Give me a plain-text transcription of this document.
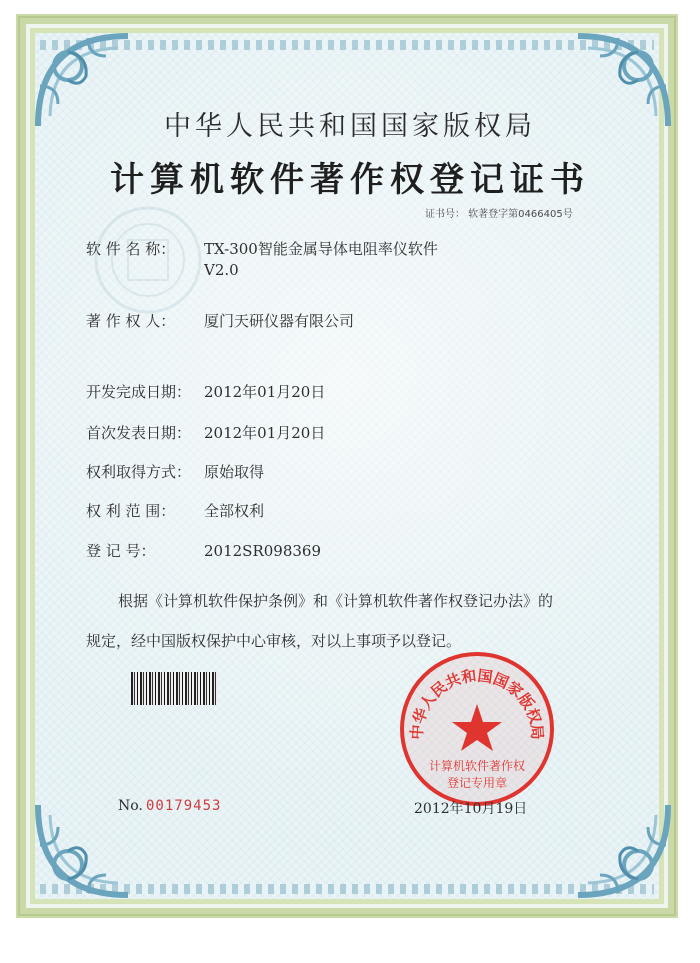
中华人民共和国国家版权局
计算机软件著作权登记证书
证书号： 软著登字第0466405号
软 件 名 称： TX-300智能金属导体电阻率仪软件
V2.0
著 作 权 人： 厦门天研仪器有限公司
开发完成日期： 2012年01月20日
首次发表日期： 2012年01月20日
权利取得方式： 原始取得
权 利 范 围： 全部权利
登 记 号：	2012SR098369
根据《计算机软件保护条例》和《计算机软件著作权登记办法》的
规定，经中国版权保护中心审核，对以上事项予以登记。
中华人民共和国国家版权局
计算机软件著作权
登记专用章
No. 00179453	2012年10月19日
